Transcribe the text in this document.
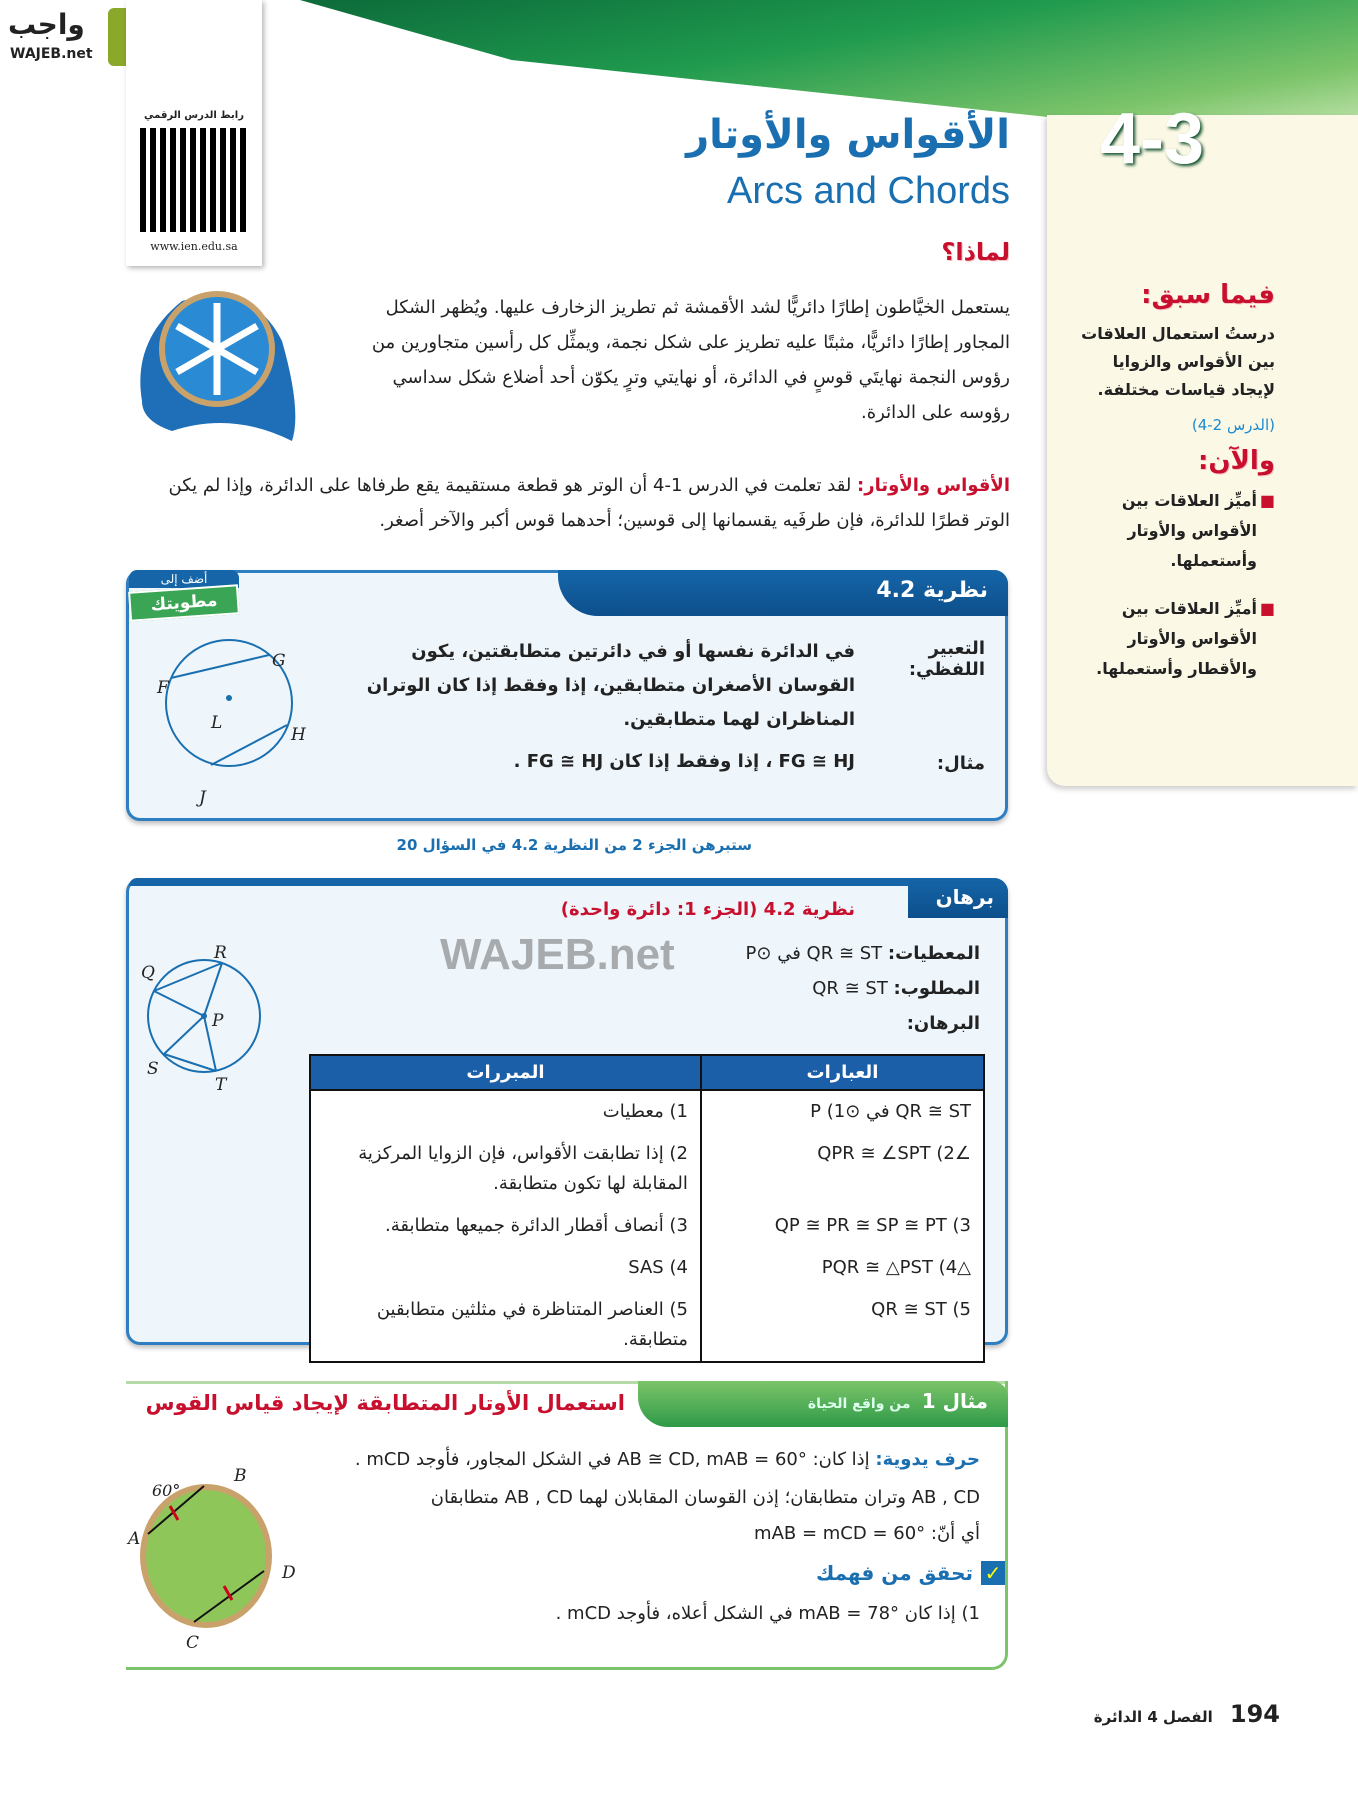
واجب
WAJEB.net
رابط الدرس الرقمي
www.ien.edu.sa
4-3
الأقواس والأوتار
Arcs and Chords
لماذا؟
يستعمل الخيَّاطون إطارًا دائريًّا لشد الأقمشة ثم تطريز الزخارف عليها. ويُظهر الشكل المجاور إطارًا دائريًّا، مثبتًا عليه تطريز على شكل نجمة، ويمثِّل كل رأسين متجاورين من رؤوس النجمة نهايتَي قوسٍ في الدائرة، أو نهايتي وترٍ يكوّن أحد أضلاع شكل سداسي رؤوسه على الدائرة.
فيما سبق:
درستُ استعمال العلاقات بين الأقواس والزوايا لإيجاد قياسات مختلفة.
(الدرس 2-4)
والآن:
■
أميِّز العلاقات بين الأقواس والأوتار وأستعملها.
■
أميِّز العلاقات بين الأقواس والأوتار والأقطار وأستعملها.
الأقواس والأوتار: لقد تعلمت في الدرس 1-4 أن الوتر هو قطعة مستقيمة يقع طرفاها على الدائرة، وإذا لم يكن الوتر قطرًا للدائرة، فإن طرفَيه يقسمانها إلى قوسين؛ أحدهما قوس أكبر والآخر أصغر.
نظرية 4.2
أضف إلى
مطويتك
التعبير اللفظي:
في الدائرة نفسها أو في دائرتين متطابقتين، يكون القوسان الأصغران متطابقين، إذا وفقط إذا كان الوتران المناظران لهما متطابقين.
مثال:
FG ≅ HJ ، إذا وفقط إذا كان FG ≅ HJ .
F
G
H
J
L
ستبرهن الجزء 2 من النظرية 4.2 في السؤال 20
برهان
نظرية 4.2 (الجزء 1: دائرة واحدة)
المعطيات: QR ≅ ST في ⊙P
المطلوب: QR ≅ ST
البرهان:
Q
R
P
S
T
العبارات	المبررات
QR ≅ ST في ⊙P (1	1) معطيات
∠QPR ≅ ∠SPT (2	2) إذا تطابقت الأقواس، فإن الزوايا المركزية المقابلة لها تكون متطابقة.
QP ≅ PR ≅ SP ≅ PT (3	3) أنصاف أقطار الدائرة جميعها متطابقة.
△PQR ≅ △PST (4	4) SAS
QR ≅ ST (5	5) العناصر المتناظرة في مثلثين متطابقين متطابقة.
WAJEB.net
مثال 1  من واقع الحياة
استعمال الأوتار المتطابقة لإيجاد قياس القوس
حرف يدوية: إذا كان: AB ≅ CD, mAB = 60° في الشكل المجاور، فأوجد mCD .
AB , CD وتران متطابقان؛ إذن القوسان المقابلان لهما AB , CD متطابقان
أي أنّ: mAB = mCD = 60°
✓تحقق من فهمك
1) إذا كان mAB = 78° في الشكل أعلاه، فأوجد mCD .
60°
B
A
D
C
194 الفصل 4 الدائرة
